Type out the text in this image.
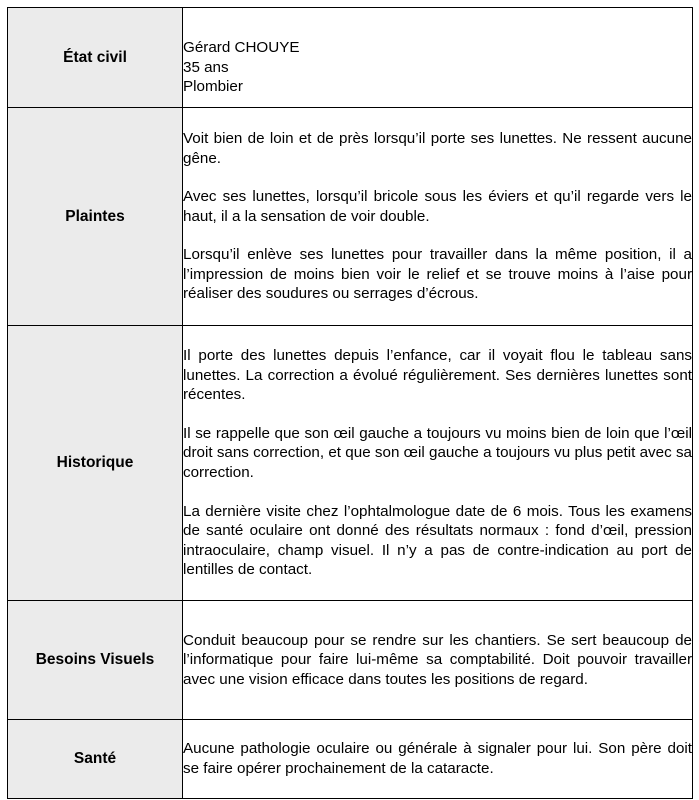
État civil	Gérard CHOUYE
35 ans
Plombier

Plaintes	Voit bien de loin et de près lorsqu’il porte ses lunettes. Ne ressent aucune gêne.

Avec ses lunettes, lorsqu’il bricole sous les éviers et qu’il regarde vers le haut, il a la sensation de voir double.

Lorsqu’il enlève ses lunettes pour travailler dans la même position, il a l’impression de moins bien voir le relief et se trouve moins à l’aise pour réaliser des soudures ou serrages d’écrous.

Historique	Il porte des lunettes depuis l’enfance, car il voyait flou le tableau sans lunettes. La correction a évolué régulièrement. Ses dernières lunettes sont récentes.

Il se rappelle que son œil gauche a toujours vu moins bien de loin que l’œil droit sans correction, et que son œil gauche a toujours vu plus petit avec sa correction.

La dernière visite chez l’ophtalmologue date de 6 mois. Tous les examens de santé oculaire ont donné des résultats normaux : fond d’œil, pression intraoculaire, champ visuel. Il n’y a pas de contre-indication au port de lentilles de contact.

Besoins Visuels	Conduit beaucoup pour se rendre sur les chantiers. Se sert beaucoup de l’informatique pour faire lui-même sa comptabilité. Doit pouvoir travailler avec une vision efficace dans toutes les positions de regard.

Santé	Aucune pathologie oculaire ou générale à signaler pour lui. Son père doit se faire opérer prochainement de la cataracte.
